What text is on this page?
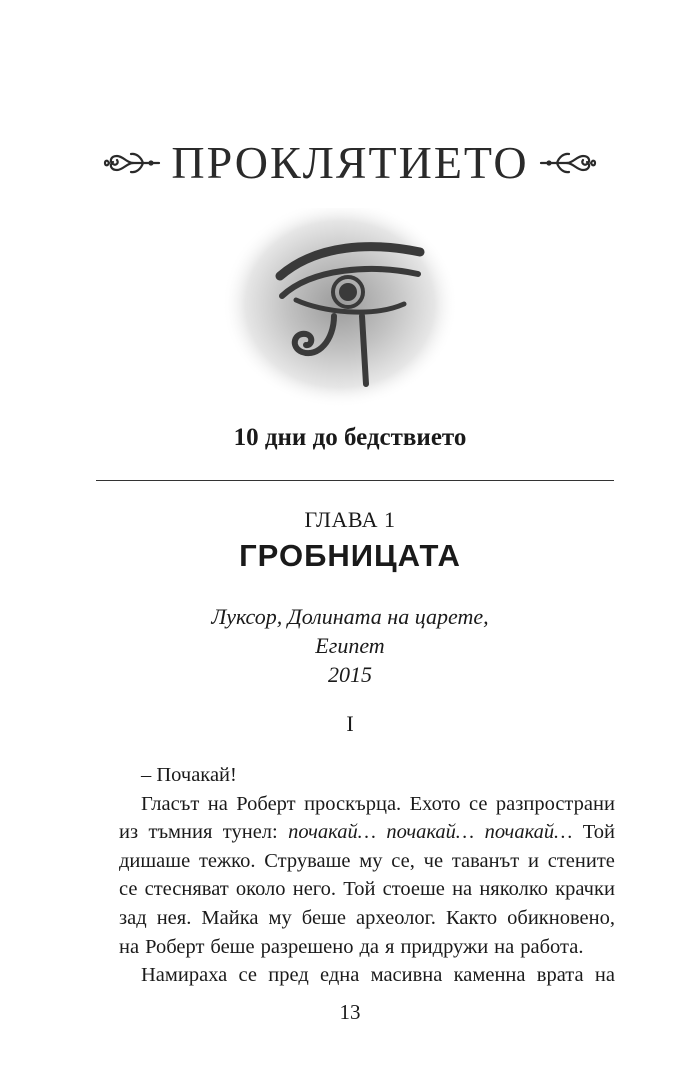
ПРОКЛЯТИЕТО
10 дни до бедствието
ГЛАВА 1
ГРОБНИЦАТА
Луксор, Долината на царете,
Египет
2015
I
– Почакай!
Гласът на Роберт проскърца. Ехото се разпространи
из тъмния тунел: почакай… почакай… почакай… Той
дишаше тежко. Струваше му се, че таванът и стените
се стесняват около него. Той стоеше на няколко крачки
зад нея. Майка му беше археолог. Както обикновено,
на Роберт беше разрешено да я придружи на работа.
Намираха се пред една масивна каменна врата на
13
